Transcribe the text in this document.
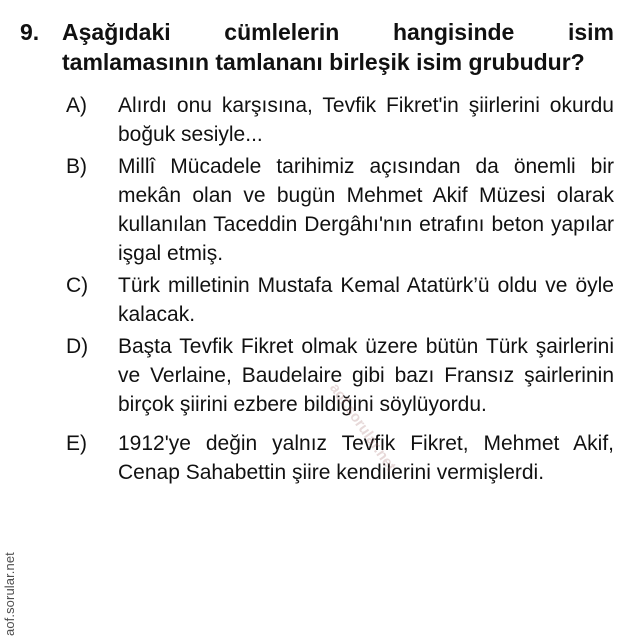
9. Aşağıdaki cümlelerin hangisinde isim tamlamasının tamlananı birleşik isim grubudur?
A)	Alırdı onu karşısına, Tevfik Fikret'in şiirlerini okurdu boğuk sesiyle...
B)	Millî Mücadele tarihimiz açısından da önemli bir mekân olan ve bugün Mehmet Akif Müzesi olarak kullanılan Taceddin Dergâhı'nın etrafını beton yapılar işgal etmiş.
C)	Türk milletinin Mustafa Kemal Atatürk’ü oldu ve öyle kalacak.
D)	Başta Tevfik Fikret olmak üzere bütün Türk şairlerini ve Verlaine, Baudelaire gibi bazı Fransız şairlerinin birçok şiirini ezbere bildiğini söylüyordu.
E)	1912'ye değin yalnız Tevfik Fikret, Mehmet Akif, Cenap Sahabettin şiire kendilerini vermişlerdi.
aof.sorular.net
aof.sorular.net
